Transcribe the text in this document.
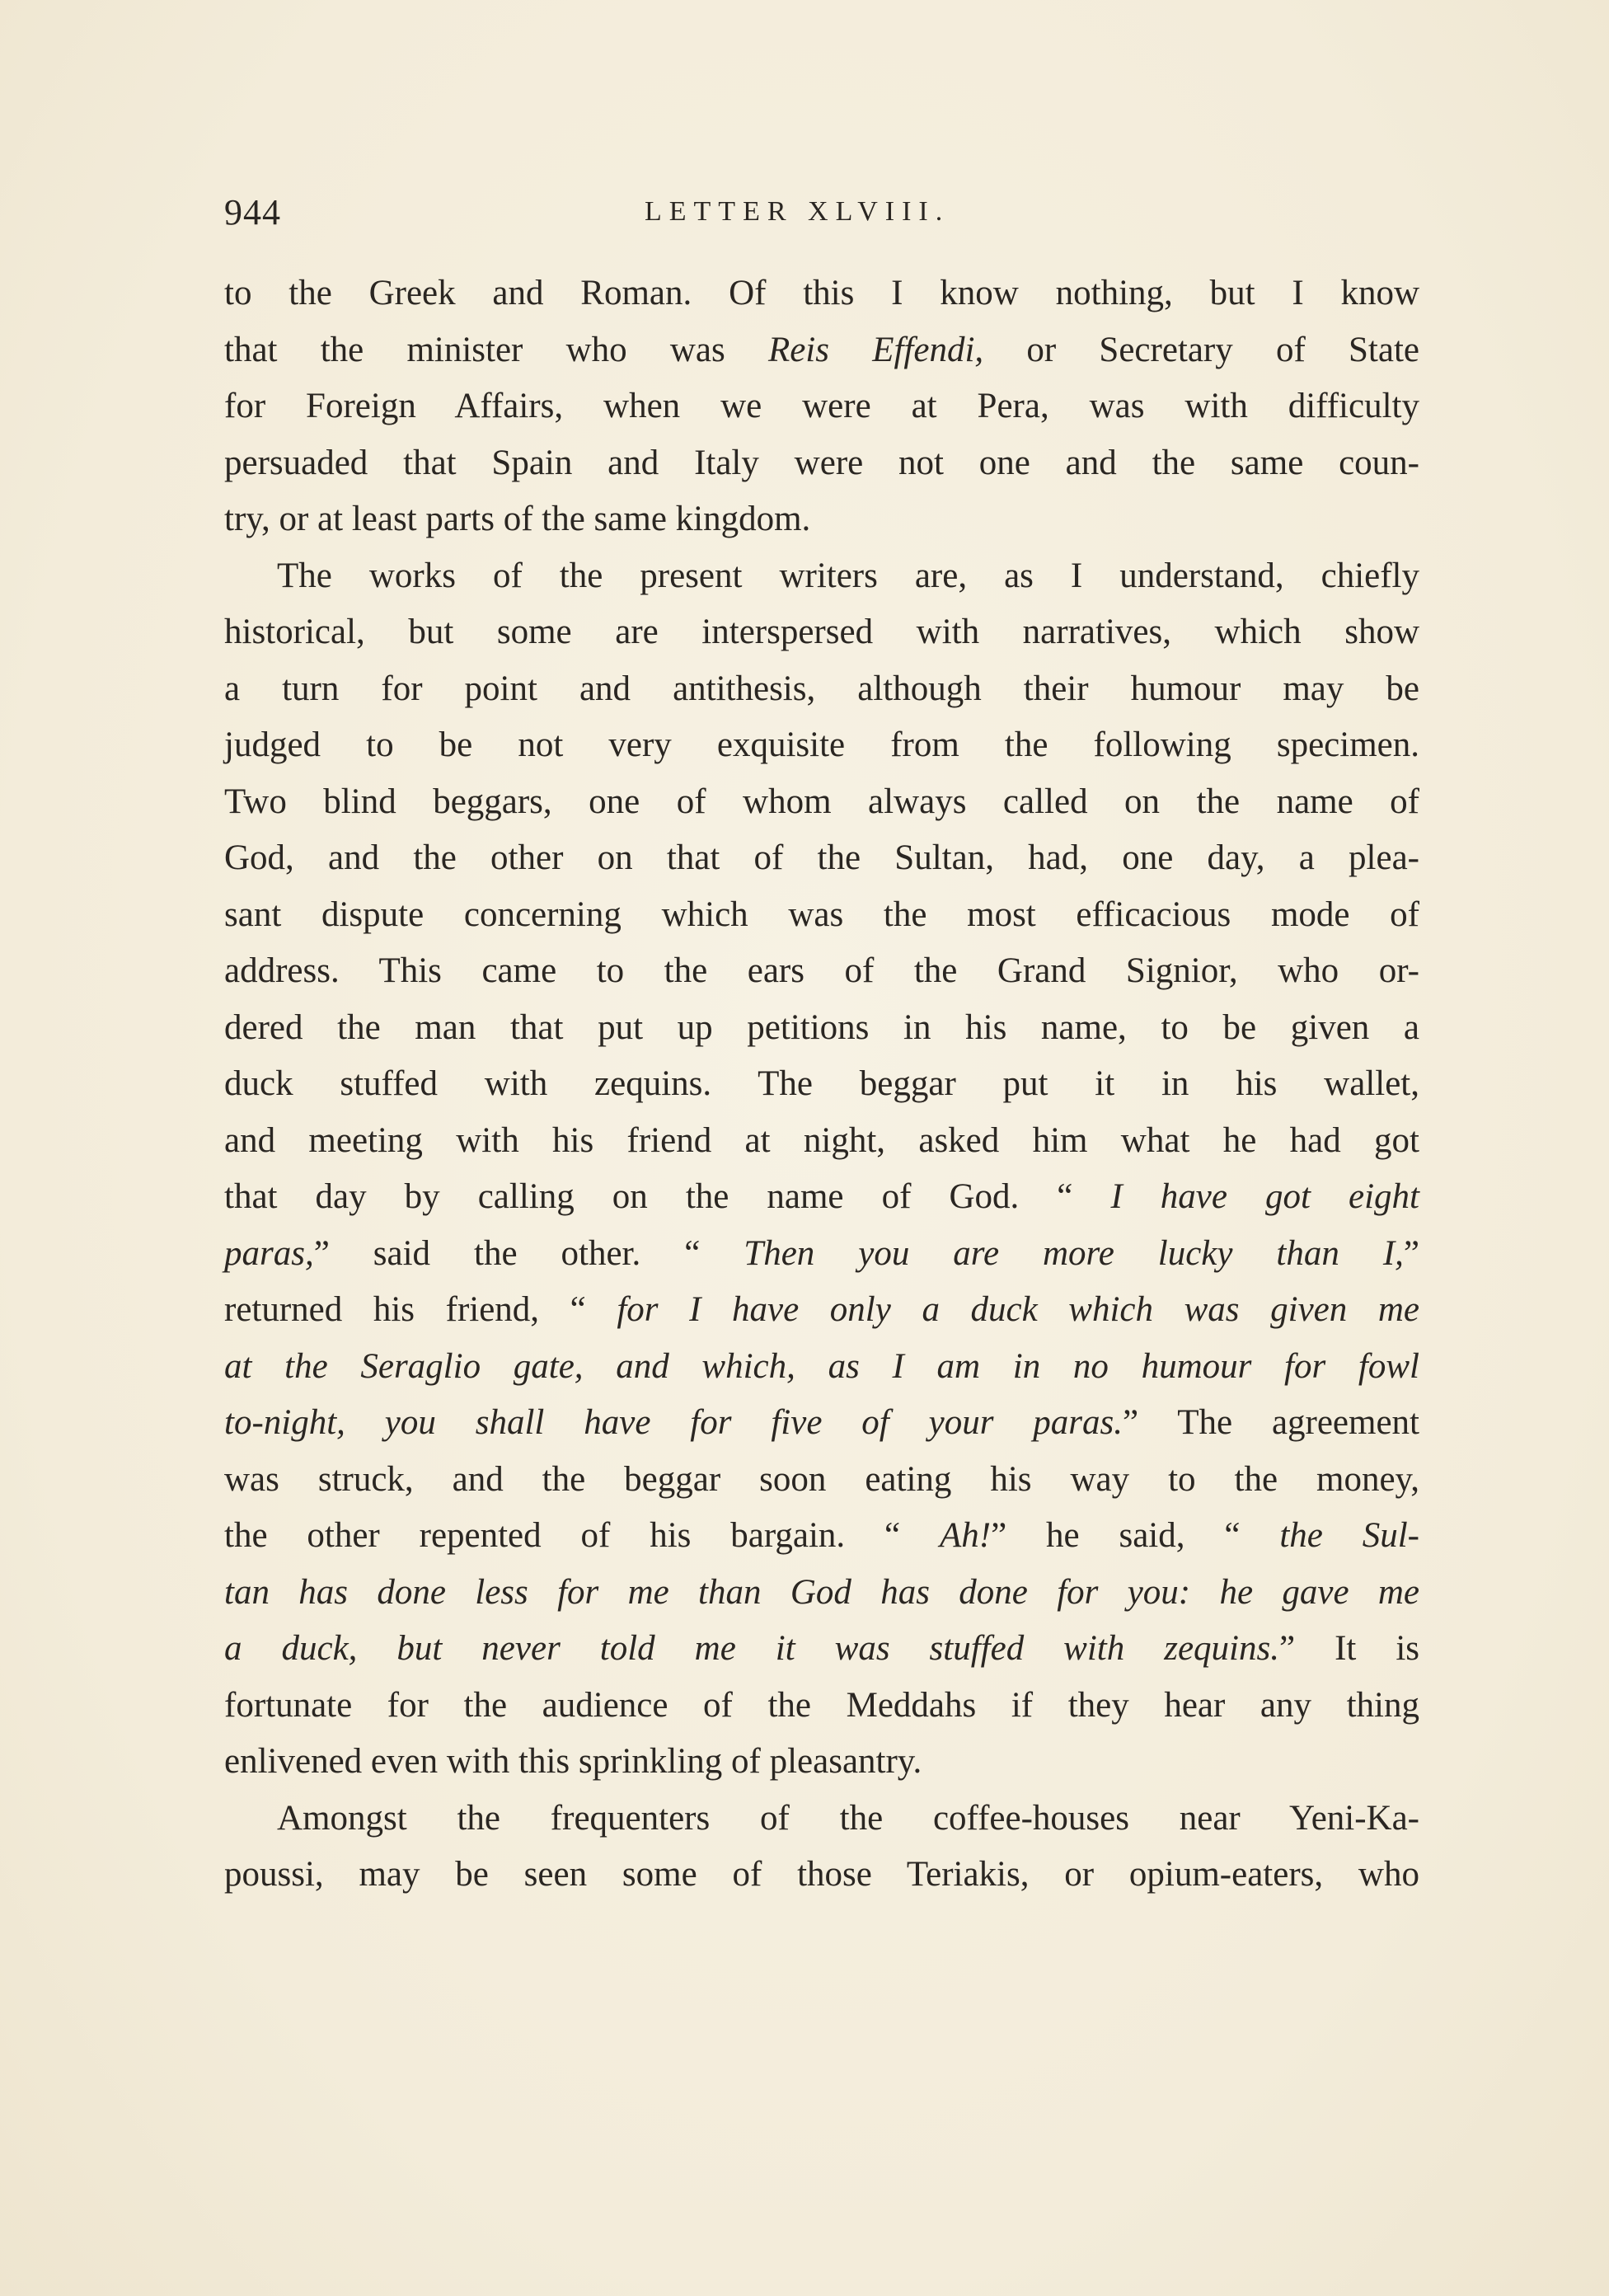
944	LETTER XLVIII.
to the Greek and Roman. Of this I know nothing, but I know
that the minister who was Reis Effendi, or Secretary of State
for Foreign Affairs, when we were at Pera, was with difficulty
persuaded that Spain and Italy were not one and the same coun-
try, or at least parts of the same kingdom.
The works of the present writers are, as I understand, chiefly
historical, but some are interspersed with narratives, which show
a turn for point and antithesis, although their humour may be
judged to be not very exquisite from the following specimen.
Two blind beggars, one of whom always called on the name of
God, and the other on that of the Sultan, had, one day, a plea-
sant dispute concerning which was the most efficacious mode of
address. This came to the ears of the Grand Signior, who or-
dered the man that put up petitions in his name, to be given a
duck stuffed with zequins. The beggar put it in his wallet,
and meeting with his friend at night, asked him what he had got
that day by calling on the name of God. “ I have got eight
paras,” said the other. “ Then you are more lucky than I,”
returned his friend, “ for I have only a duck which was given me
at the Seraglio gate, and which, as I am in no humour for fowl
to-night, you shall have for five of your paras.” The agreement
was struck, and the beggar soon eating his way to the money,
the other repented of his bargain. “ Ah!” he said, “ the Sul-
tan has done less for me than God has done for you: he gave me
a duck, but never told me it was stuffed with zequins.” It is
fortunate for the audience of the Meddahs if they hear any thing
enlivened even with this sprinkling of pleasantry.
Amongst the frequenters of the coffee-houses near Yeni-Ka-
poussi, may be seen some of those Teriakis, or opium-eaters, who
